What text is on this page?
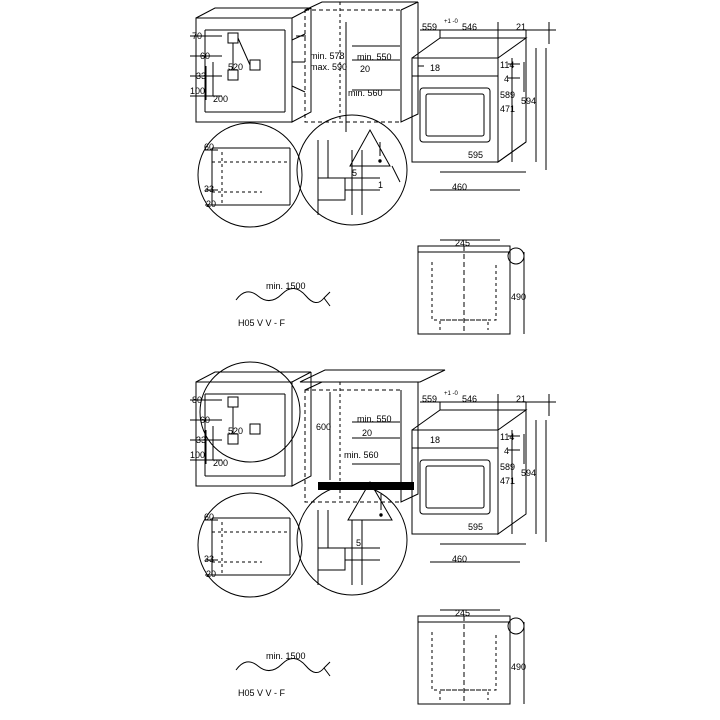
70
60
33
100
520
200
min. 578
max. 590
min. 550
20
min. 560
60
33
20
5
1
559 +1 -0 546	21
18	114
4
589
471
594
595
460
min. 1500
H05 V V - F
245
490
80
60
33
100
520
200
600
min. 550
20
min. 560
60
33
20
5
559 +1 -0 546	21
18	114
4
589
471
594
595
460
min. 1500
H05 V V - F
245
490
